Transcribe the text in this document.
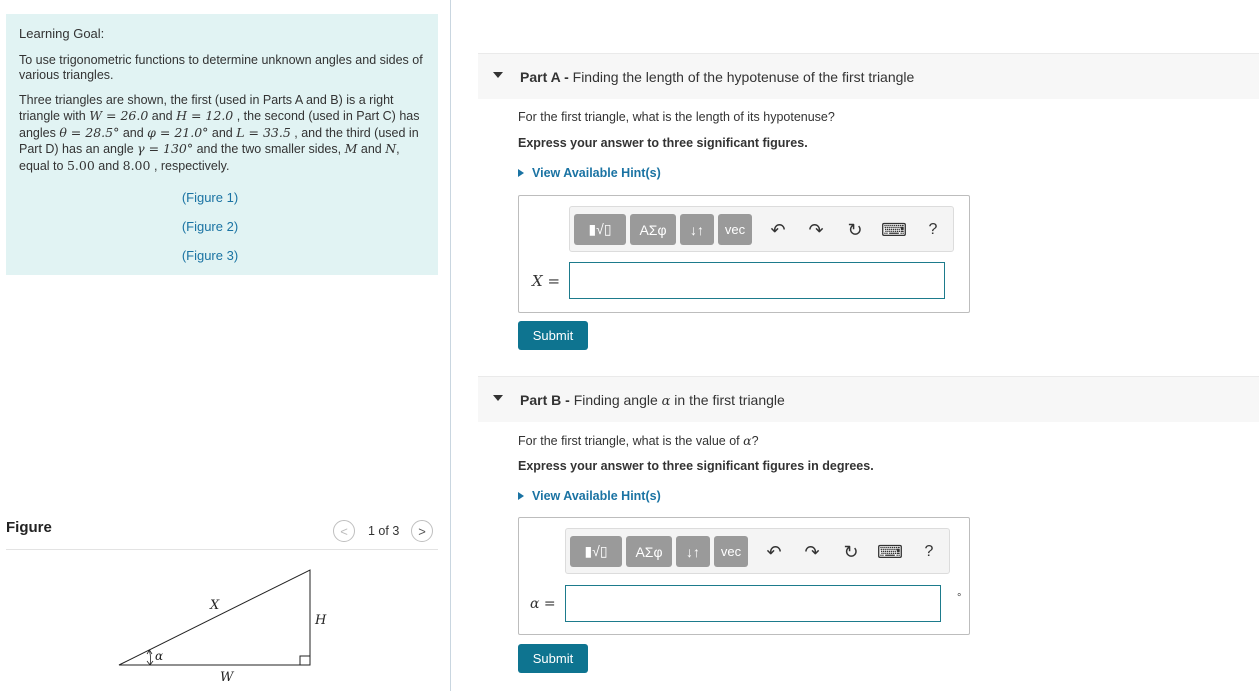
Learning Goal:

To use trigonometric functions to determine unknown angles and sides of various triangles.

Three triangles are shown, the first (used in Parts A and B) is a right triangle with W = 26.0 and H = 12.0 , the second (used in Part C) has angles θ = 28.5° and φ = 21.0° and L = 33.5 , and the third (used in Part D) has an angle γ = 130° and the two smaller sides, M and N, equal to 5.00 and 8.00 , respectively.

(Figure 1)
(Figure 2)
(Figure 3)
Figure	< 1 of 3 >
α
X
H
W
Part A - Finding the length of the hypotenuse of the first triangle
For the first triangle, what is the length of its hypotenuse?
Express your answer to three significant figures.
View Available Hint(s)
▮√▯	ΑΣφ	↓↑	vec	↶ ↷ ↻ ⌨	?
X =
Submit
Part B - Finding angle α in the first triangle
For the first triangle, what is the value of α?
Express your answer to three significant figures in degrees.
View Available Hint(s)
▮√▯	ΑΣφ	↓↑	vec	↶ ↷ ↻ ⌨	?
α =	°
Submit
